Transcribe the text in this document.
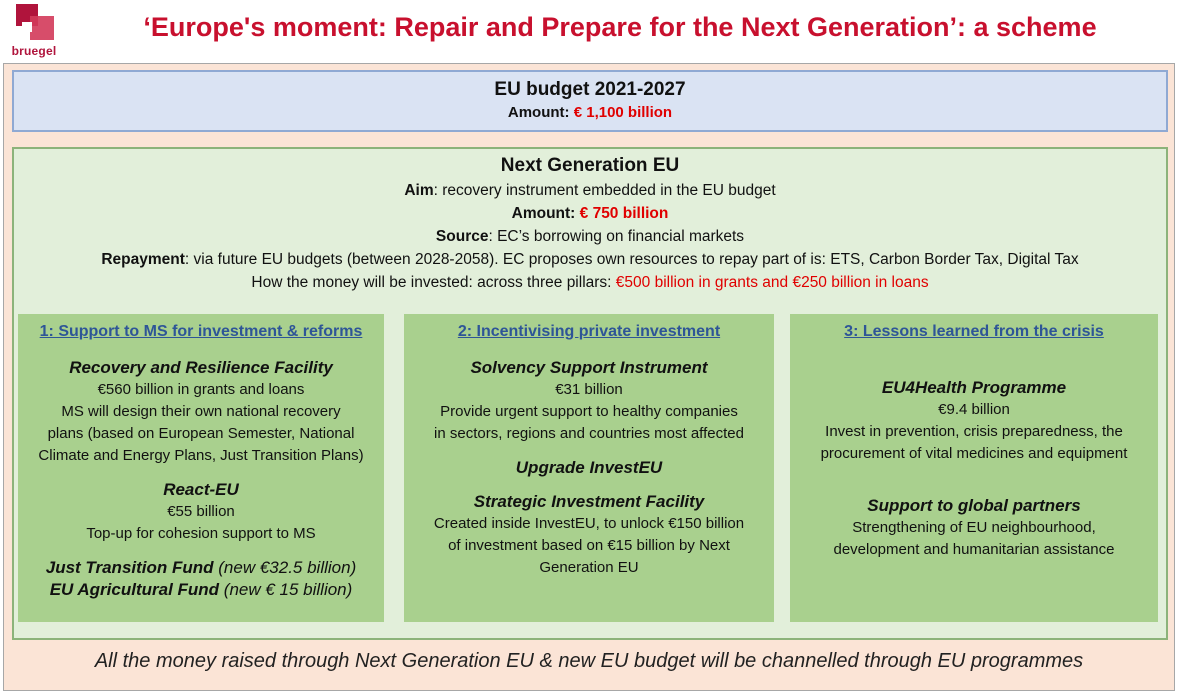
bruegel
‘Europe's moment: Repair and Prepare for the Next Generation’: a scheme
EU budget 2021-2027
Amount: € 1,100 billion
Next Generation EU
Aim: recovery instrument embedded in the EU budget
Amount: € 750 billion
Source: EC’s borrowing on financial markets
Repayment: via future EU budgets (between 2028-2058). EC proposes own resources to repay part of is: ETS, Carbon Border Tax, Digital Tax
How the money will be invested: across three pillars: €500 billion in grants and €250 billion in loans
1: Support to MS for investment & reforms
Recovery and Resilience Facility
€560 billion in grants and loans
MS will design their own national recovery
plans (based on European Semester, National
Climate and Energy Plans, Just Transition Plans)
React-EU
€55 billion
Top-up for cohesion support to MS
Just Transition Fund (new €32.5 billion)
EU Agricultural Fund (new € 15 billion)
2: Incentivising private investment
Solvency Support Instrument
€31 billion
Provide urgent support to healthy companies
in sectors, regions and countries most affected
Upgrade InvestEU
Strategic Investment Facility
Created inside InvestEU, to unlock €150 billion
of investment based on €15 billion by Next
Generation EU
3: Lessons learned from the crisis
EU4Health Programme
€9.4 billion
Invest in prevention, crisis preparedness, the
procurement of vital medicines and equipment
Support to global partners
Strengthening of EU neighbourhood,
development and humanitarian assistance
All the money raised through Next Generation EU & new EU budget will be channelled through EU programmes
